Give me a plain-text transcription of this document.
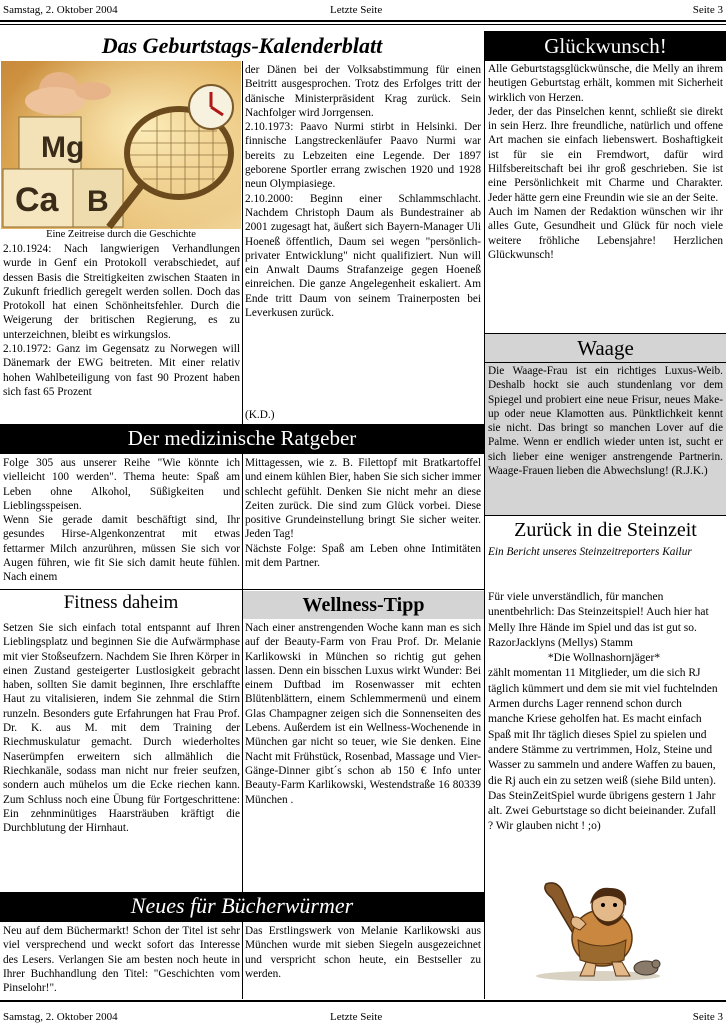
Samstag, 2. Oktober 2004	Letzte Seite	Seite 3
Das Geburtstags-Kalenderblatt
Mg
Ca B
Eine Zeitreise durch die Geschichte

2.10.1924: Nach langwierigen Verhandlungen wurde in Genf ein Protokoll verabschiedet, auf dessen Basis die Streitigkeiten zwischen Staaten in Zukunft friedlich geregelt werden sollen. Doch das Protokoll hat einen Schönheitsfehler. Durch die Weigerung der britischen Regierung, es zu unterzeichnen, bleibt es wirkungslos.

2.10.1972: Ganz im Gegensatz zu Norwegen will Dänemark der EWG beitreten. Mit einer relativ hohen Wahlbeteiligung von fast 90 Prozent haben sich fast 65 Prozent

der Dänen bei der Volksabstimmung für einen Beitritt ausgesprochen. Trotz des Erfolges tritt der dänische Ministerpräsident Krag zurück. Sein Nachfolger wird Jorrgensen.

2.10.1973: Paavo Nurmi stirbt in Helsinki. Der finnische Langstreckenläufer Paavo Nurmi war bereits zu Lebzeiten eine Legende. Der 1897 geborene Sportler errang zwischen 1920 und 1928 neun Olympiasiege.

2.10.2000: Beginn einer Schlammschlacht. Nachdem Christoph Daum als Bundestrainer ab 2001 zugesagt hat, äußert sich Bayern-Manager Uli Hoeneß öffentlich, Daum sei wegen "persönlich-privater Entwicklung" nicht qualifiziert. Nun will ein Anwalt Daums Strafanzeige gegen Hoeneß einreichen. Die ganze Angelegenheit eskaliert. Am Ende tritt Daum von seinem Trainerposten bei Leverkusen zurück.

(K.D.)
Der medizinische Ratgeber

Folge 305 aus unserer Reihe "Wie könnte ich vielleicht 100 werden". Thema heute: Spaß am Leben ohne Alkohol, Süßigkeiten und Lieblingsspeisen.

Wenn Sie gerade damit beschäftigt sind, Ihr gesundes Hirse-Algenkonzentrat mit etwas fettarmer Milch anzurühren, müssen Sie sich vor Augen führen, wie fit Sie sich damit heute fühlen. Nach einem

Mittagessen, wie z. B. Filettopf mit Bratkartoffel und einem kühlen Bier, haben Sie sich sicher immer schlecht gefühlt. Denken Sie nicht mehr an diese Zeiten zurück. Die sind zum Glück vorbei. Diese positive Grundeinstellung bringt Sie sicher weiter. Jeden Tag!

Nächste Folge: Spaß am Leben ohne Intimitäten mit dem Partner.

Fitness daheim
Setzen Sie sich einfach total entspannt auf Ihren Lieblingsplatz und beginnen Sie die Aufwärmphase mit vier Stoßseufzern. Nachdem Sie Ihren Körper in einen Zustand gesteigerter Lustlosigkeit gebracht haben, sollten Sie damit beginnen, Ihre erschlaffte Haut zu vitalisieren, indem Sie zehnmal die Stirn runzeln. Besonders gute Erfahrungen hat Frau Prof. Dr. K. aus M. mit dem Training der Riechmuskulatur gemacht. Durch wiederholtes Naserümpfen erweitern sich allmählich die Riechkanäle, sodass man nicht nur freier seufzen, sondern auch mühelos um die Ecke riechen kann. Zum Schluss noch eine Übung für Fortgeschrittene: Ein zehnminütiges Haarsträuben kräftigt die Durchblutung der Hirnhaut.
Wellness-Tipp
Nach einer anstrengenden Woche kann man es sich auf der Beauty-Farm von Frau Prof. Dr. Melanie Karlikowski in München so richtig gut gehen lassen. Denn ein bisschen Luxus wirkt Wunder: Bei einem Duftbad im Rosenwasser mit echten Blütenblättern, einem Schlemmermenü und einem Glas Champagner zeigen sich die Sonnenseiten des Lebens. Außerdem ist ein Wellness-Wochenende in München gar nicht so teuer, wie Sie denken. Eine Nacht mit Frühstück, Rosenbad, Massage und Vier-Gänge-Dinner gibt´s schon ab 150 € Info unter Beauty-Farm Karlikowski, Westendstraße 16 80339 München .
Neues für Bücherwürmer
Neu auf dem Büchermarkt! Schon der Titel ist sehr viel versprechend und weckt sofort das Interesse des Lesers. Verlangen Sie am besten noch heute in Ihrer Buchhandlung den Titel: "Geschichten vom Pinselohr!".
Das Erstlingswerk von Melanie Karlikowski aus München wurde mit sieben Siegeln ausgezeichnet und verspricht schon heute, ein Bestseller zu werden.
Glückwunsch!

Alle Geburtstagsglückwünsche, die Melly an ihrem heutigen Geburtstag erhält, kommen mit Sicherheit wirklich von Herzen.

Jeder, der das Pinselchen kennt, schließt sie direkt in sein Herz. Ihre freundliche, natürlich und offene Art machen sie einfach liebenswert. Boshaftigkeit ist für sie ein Fremdwort, dafür wird Hilfsbereitschaft bei ihr groß geschrieben. Sie ist eine Persönlichkeit mit Charme und Charakter. Jeder hätte gern eine Freundin wie sie an der Seite.

Auch im Namen der Redaktion wünschen wir ihr alles Gute, Gesundheit und Glück für noch viele weitere fröhliche Lebensjahre! Herzlichen Glückwunsch!

Waage
Die Waage-Frau ist ein richtiges Luxus-Weib. Deshalb hockt sie auch stundenlang vor dem Spiegel und probiert eine neue Frisur, neues Make-up oder neue Klamotten aus. Pünktlichkeit kennt sie nicht. Das bringt so manchen Lover auf die Palme. Wenn er endlich wieder unten ist, sucht er sich lieber eine weniger anstrengende Partnerin. Waage-Frauen lieben die Abwechslung! (R.J.K.)
Zurück in die Steinzeit
Ein Bericht unseres Steinzeitreporters Kailur

Für viele unverständlich, für manchen unentbehrlich: Das Steinzeitspiel! Auch hier hat Melly Ihre Hände im Spiel und das ist gut so. RazorJacklyns (Mellys) Stamm

*Die Wollnashornjäger*

zählt momentan 11 Mitglieder, um die sich RJ täglich kümmert und dem sie mit viel fuchtelnden Armen durchs Lager rennend schon durch manche Kriese geholfen hat. Es macht einfach Spaß mit Ihr täglich dieses Spiel zu spielen und andere Stämme zu vertrimmen, Holz, Steine und Wasser zu sammeln und andere Waffen zu bauen, die Rj auch ein zu setzen weiß (siehe Bild unten). Das SteinZeitSpiel wurde übrigens gestern 1 Jahr alt. Zwei Geburtstage so dicht beieinander. Zufall ? Wir glauben nicht ! ;o)

Samstag, 2. Oktober 2004	Letzte Seite	Seite 3
